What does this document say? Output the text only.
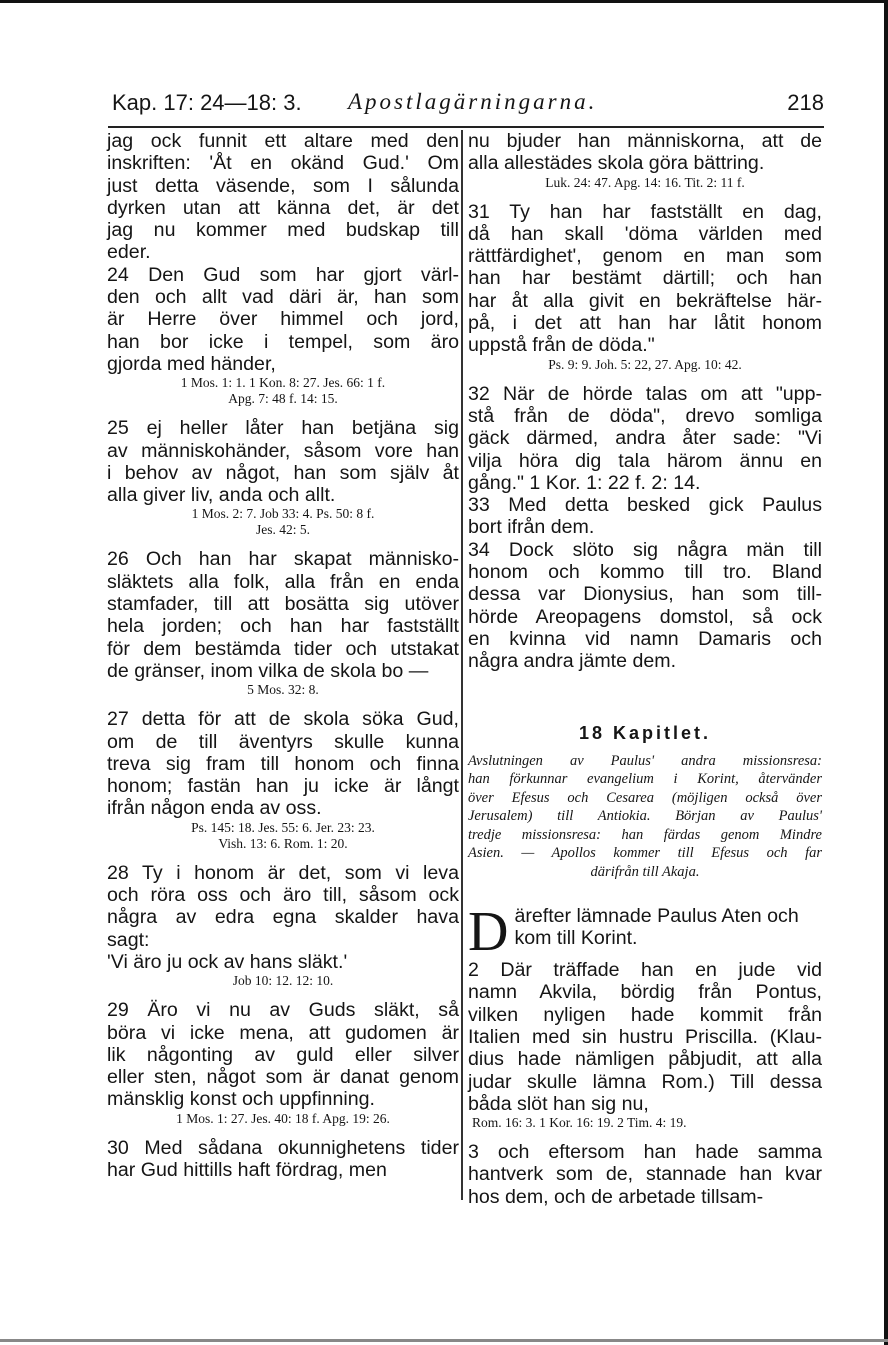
Kap. 17: 24—18: 3. Apostlagärningarna.	218
jag ock funnit ett altare med den
inskriften: 'Åt en okänd Gud.' Om
just detta väsende, som I sålunda
dyrken utan att känna det, är det
jag nu kommer med budskap till
eder.
24 Den Gud som har gjort värl-
den och allt vad däri är, han som
är Herre över himmel och jord,
han bor icke i tempel, som äro
gjorda med händer,
1 Mos. 1: 1. 1 Kon. 8: 27. Jes. 66: 1 f.
Apg. 7: 48 f. 14: 15.
25 ej heller låter han betjäna sig
av människohänder, såsom vore han
i behov av något, han som själv åt
alla giver liv, anda och allt.
1 Mos. 2: 7. Job 33: 4. Ps. 50: 8 f.
Jes. 42: 5.
26 Och han har skapat människo-
släktets alla folk, alla från en enda
stamfader, till att bosätta sig utöver
hela jorden; och han har fastställt
för dem bestämda tider och utstakat
de gränser, inom vilka de skola bo —
5 Mos. 32: 8.
27 detta för att de skola söka Gud,
om de till äventyrs skulle kunna
treva sig fram till honom och finna
honom; fastän han ju icke är långt
ifrån någon enda av oss.
Ps. 145: 18. Jes. 55: 6. Jer. 23: 23.
Vish. 13: 6. Rom. 1: 20.
28 Ty i honom är det, som vi leva
och röra oss och äro till, såsom ock
några av edra egna skalder hava
sagt:
'Vi äro ju ock av hans släkt.'
Job 10: 12. 12: 10.
29 Äro vi nu av Guds släkt, så
böra vi icke mena, att gudomen är
lik någonting av guld eller silver
eller sten, något som är danat genom
mänsklig konst och uppfinning.
1 Mos. 1: 27. Jes. 40: 18 f. Apg. 19: 26.
30 Med sådana okunnighetens tider
har Gud hittills haft fördrag, men
nu bjuder han människorna, att de
alla allestädes skola göra bättring.
Luk. 24: 47. Apg. 14: 16. Tit. 2: 11 f.
31 Ty han har fastställt en dag,
då han skall 'döma världen med
rättfärdighet', genom en man som
han har bestämt därtill; och han
har åt alla givit en bekräftelse här-
på, i det att han har låtit honom
uppstå från de döda."
Ps. 9: 9. Joh. 5: 22, 27. Apg. 10: 42.
32 När de hörde talas om att "upp-
stå från de döda", drevo somliga
gäck därmed, andra åter sade: "Vi
vilja höra dig tala härom ännu en
gång." 1 Kor. 1: 22 f. 2: 14.
33 Med detta besked gick Paulus
bort ifrån dem.
34 Dock slöto sig några män till
honom och kommo till tro. Bland
dessa var Dionysius, han som till-
hörde Areopagens domstol, så ock
en kvinna vid namn Damaris och
några andra jämte dem.
18 Kapitlet.
Avslutningen av Paulus' andra missionsresa:
han förkunnar evangelium i Korint, återvänder
över Efesus och Cesarea (möjligen också över
Jerusalem) till Antiokia. Början av Paulus'
tredje missionsresa: han färdas genom Mindre
Asien. — Apollos kommer till Efesus och far
därifrån till Akaja.
D ärefter lämnade Paulus Aten och
kom till Korint.
2 Där träffade han en jude vid
namn Akvila, bördig från Pontus,
vilken nyligen hade kommit från
Italien med sin hustru Priscilla. (Klau-
dius hade nämligen påbjudit, att alla
judar skulle lämna Rom.) Till dessa
båda slöt han sig nu,
Rom. 16: 3. 1 Kor. 16: 19. 2 Tim. 4: 19.
3 och eftersom han hade samma
hantverk som de, stannade han kvar
hos dem, och de arbetade tillsam-
